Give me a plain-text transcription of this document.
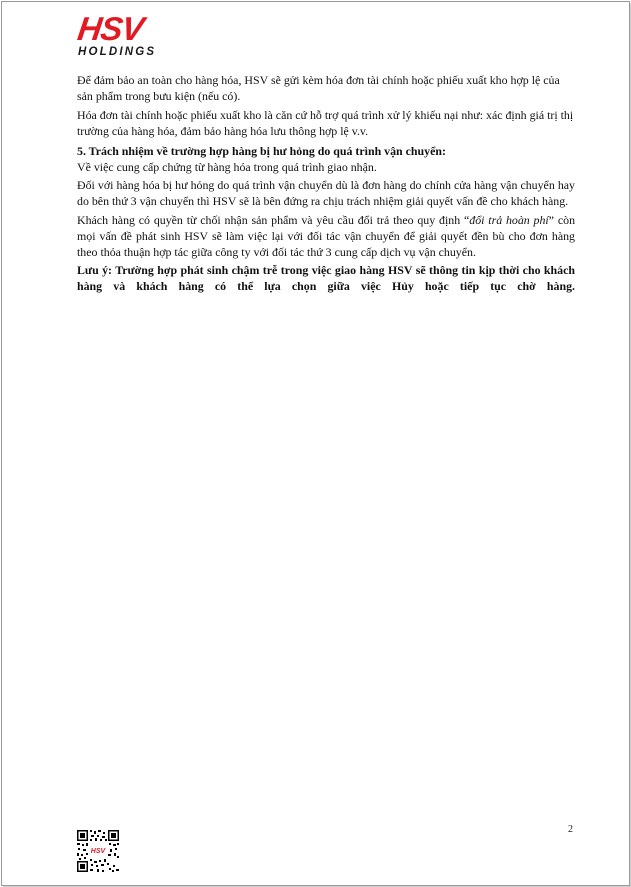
HSV
HOLDINGS

Để đảm bảo an toàn cho hàng hóa, HSV sẽ gửi kèm hóa đơn tài chính hoặc phiếu xuất kho hợp lệ của sản phẩm trong bưu kiện (nếu có).

Hóa đơn tài chính hoặc phiếu xuất kho là căn cứ hỗ trợ quá trình xử lý khiếu nại như: xác định giá trị thị trường của hàng hóa, đảm bảo hàng hóa lưu thông hợp lệ v.v.

5. Trách nhiệm về trường hợp hàng bị hư hỏng do quá trình vận chuyển:

Về việc cung cấp chứng từ hàng hóa trong quá trình giao nhận.

Đối với hàng hóa bị hư hỏng do quá trình vận chuyển dù là đơn hàng do chính cửa hàng vận chuyển hay do bên thứ 3 vận chuyển thì HSV sẽ là bên đứng ra chịu trách nhiệm giải quyết vấn đề cho khách hàng.

Khách hàng có quyền từ chối nhận sản phẩm và yêu cầu đổi trả theo quy định “đổi trả hoàn phí” còn mọi vấn đề phát sinh HSV sẽ làm việc lại với đối tác vận chuyển để giải quyết đền bù cho đơn hàng theo thỏa thuận hợp tác giữa công ty với đối tác thứ 3 cung cấp dịch vụ vận chuyển.

Lưu ý: Trường hợp phát sinh chậm trễ trong việc giao hàng HSV sẽ thông tin kịp thời cho khách hàng và khách hàng có thể lựa chọn giữa việc Hủy hoặc tiếp tục chờ hàng.

HSV
2
